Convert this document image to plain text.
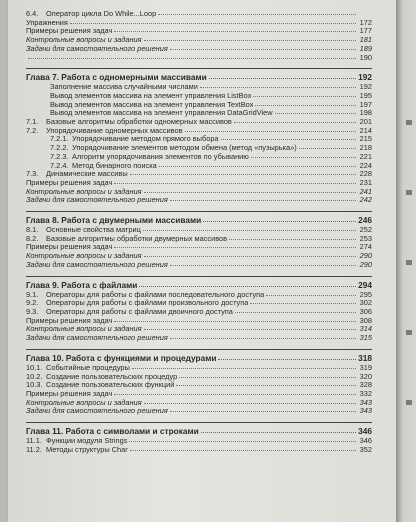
6.4.	Оператор цикла Do While...Loop
Упражнения	172
Примеры решения задач	177
Контрольные вопросы и задания	181
Задачи для самостоятельного решения	189
190
Глава 7. Работа с одномерными массивами	192
Заполнение массива случайными числами	192
Вывод элементов массива на элемент управления ListBox	195
Вывод элементов массива на элемент управления TextBox	197
Вывод элементов массива на элемент управления DataGridView	198
7.1.	Базовые алгоритмы обработки одномерных массивов	201
7.2.	Упорядочивание одномерных массивов	214
7.2.1. Упорядочивание методом прямого выбора	215
7.2.2. Упорядочивание элементов методом обмена (метод «пузырька»)	218
7.2.3. Алгоритм упорядочивания элементов по убыванию	221
7.2.4. Метод бинарного поиска	224
7.3.	Динамические массивы	228
Примеры решения задач	231
Контрольные вопросы и задания	241
Задачи для самостоятельного решения	242
Глава 8. Работа с двумерными массивами	246
8.1.	Основные свойства матриц	252
8.2.	Базовые алгоритмы обработки двумерных массивов	253
Примеры решения задач	274
Контрольные вопросы и задания	290
Задачи для самостоятельного решения	290
Глава 9. Работа с файлами	294
9.1.	Операторы для работы с файлами последовательного доступа	295
9.2.	Операторы для работы с файлами произвольного доступа	302
9.3.	Операторы для работы с файлами двоичного доступа	306
Примеры решения задач	308
Контрольные вопросы и задания	314
Задачи для самостоятельного решения	315
Глава 10. Работа с функциями и процедурами	318
10.1. Событийные процедуры	319
10.2. Создание пользовательских процедур	320
10.3. Создание пользовательских функций	328
Примеры решения задач	332
Контрольные вопросы и задания	343
Задачи для самостоятельного решения	343
Глава 11. Работа с символами и строками	346
11.1. Функции модуля Strings	346
11.2. Методы структуры Char	352
